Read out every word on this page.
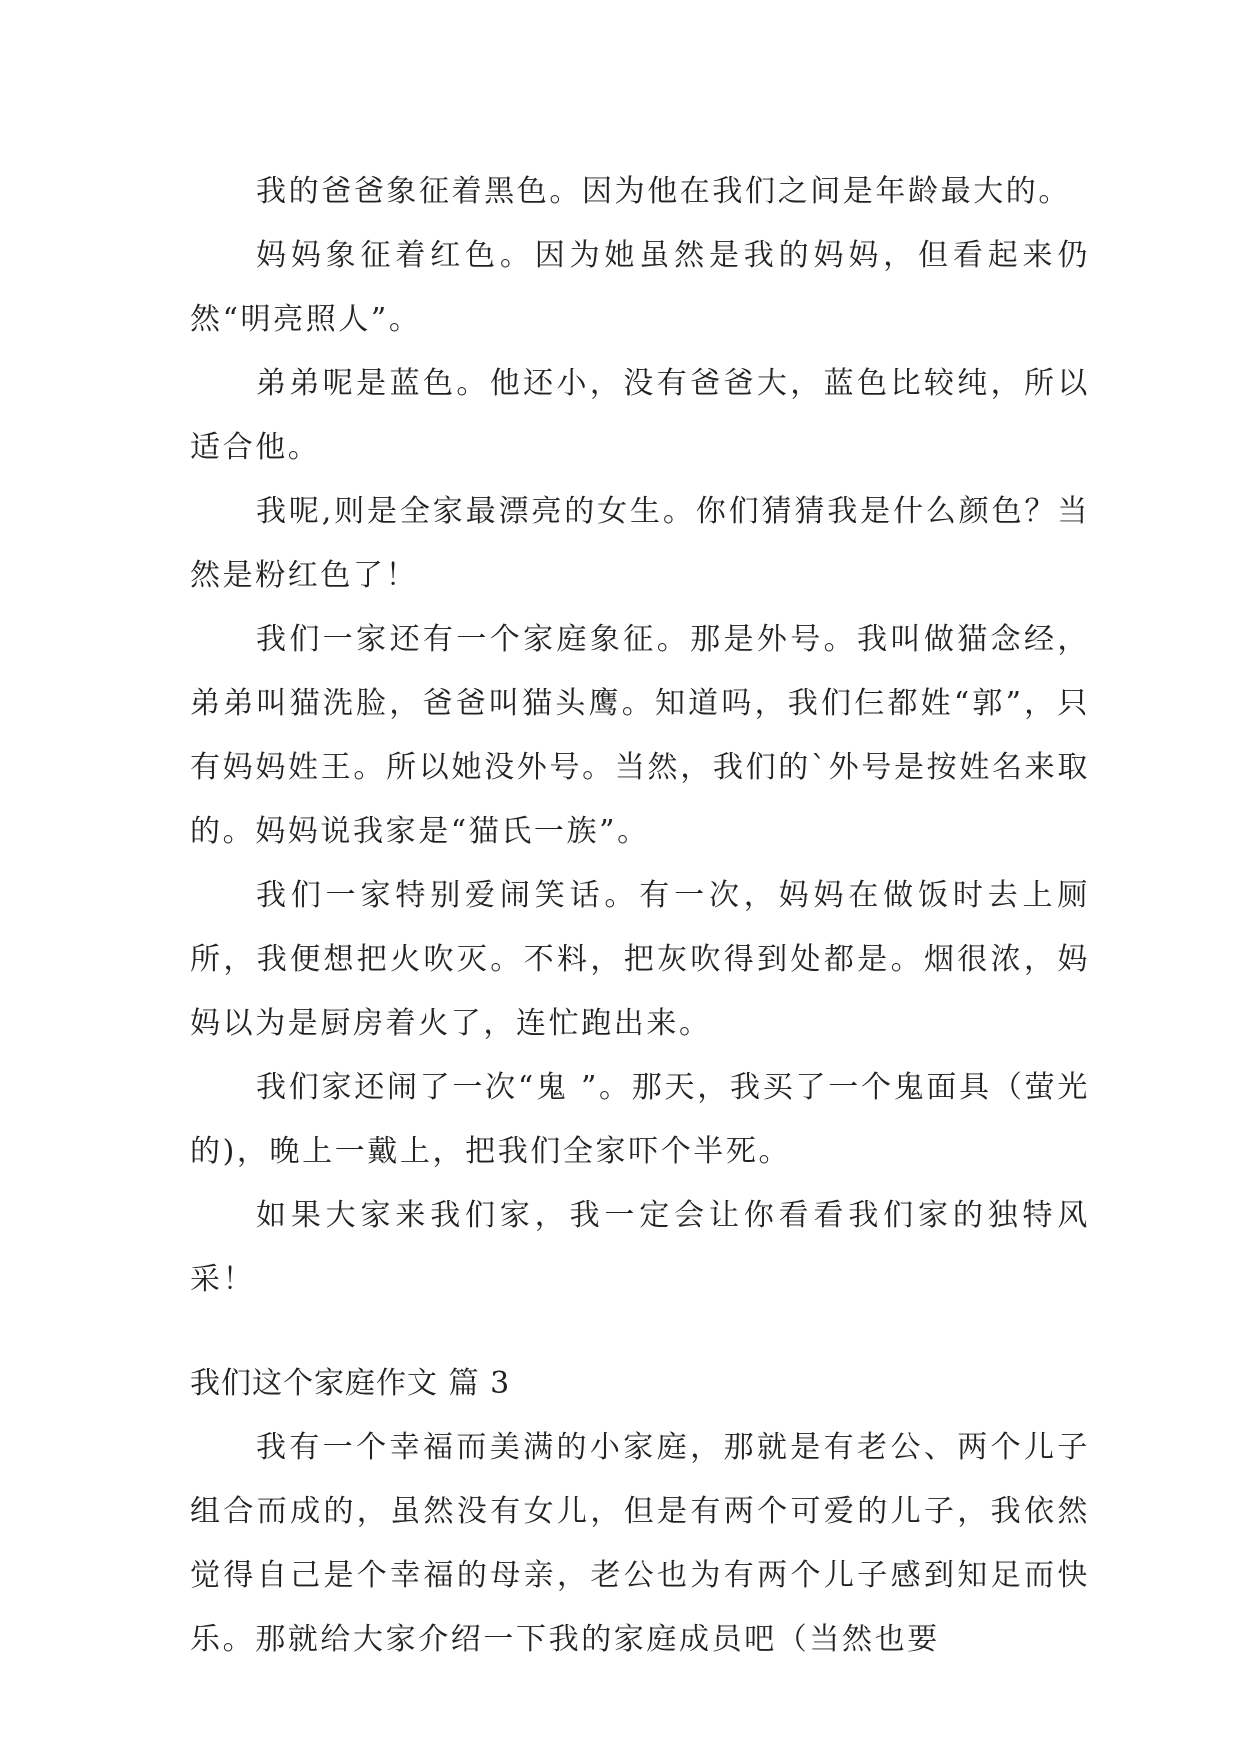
我的爸爸象征着黑色。因为他在我们之间是年龄最大的。

妈妈象征着红色。因为她虽然是我的妈妈，但看起来仍然“明亮照人”。

弟弟呢是蓝色。他还小，没有爸爸大，蓝色比较纯，所以适合他。

我呢,则是全家最漂亮的女生。你们猜猜我是什么颜色？当然是粉红色了！

我们一家还有一个家庭象征。那是外号。我叫做猫念经，弟弟叫猫洗脸，爸爸叫猫头鹰。知道吗，我们仨都姓“郭”，只有妈妈姓王。所以她没外号。当然，我们的`外号是按姓名来取的。妈妈说我家是“猫氏一族”。

我们一家特别爱闹笑话。有一次，妈妈在做饭时去上厕所，我便想把火吹灭。不料，把灰吹得到处都是。烟很浓，妈妈以为是厨房着火了，连忙跑出来。

我们家还闹了一次“鬼 ”。那天，我买了一个鬼面具（萤光的)，晚上一戴上，把我们全家吓个半死。

如果大家来我们家，我一定会让你看看我们家的独特风采！

我们这个家庭作文 篇 3

我有一个幸福而美满的小家庭，那就是有老公、两个儿子组合而成的，虽然没有女儿，但是有两个可爱的儿子，我依然觉得自己是个幸福的母亲，老公也为有两个儿子感到知足而快乐。那就给大家介绍一下我的家庭成员吧（当然也要
